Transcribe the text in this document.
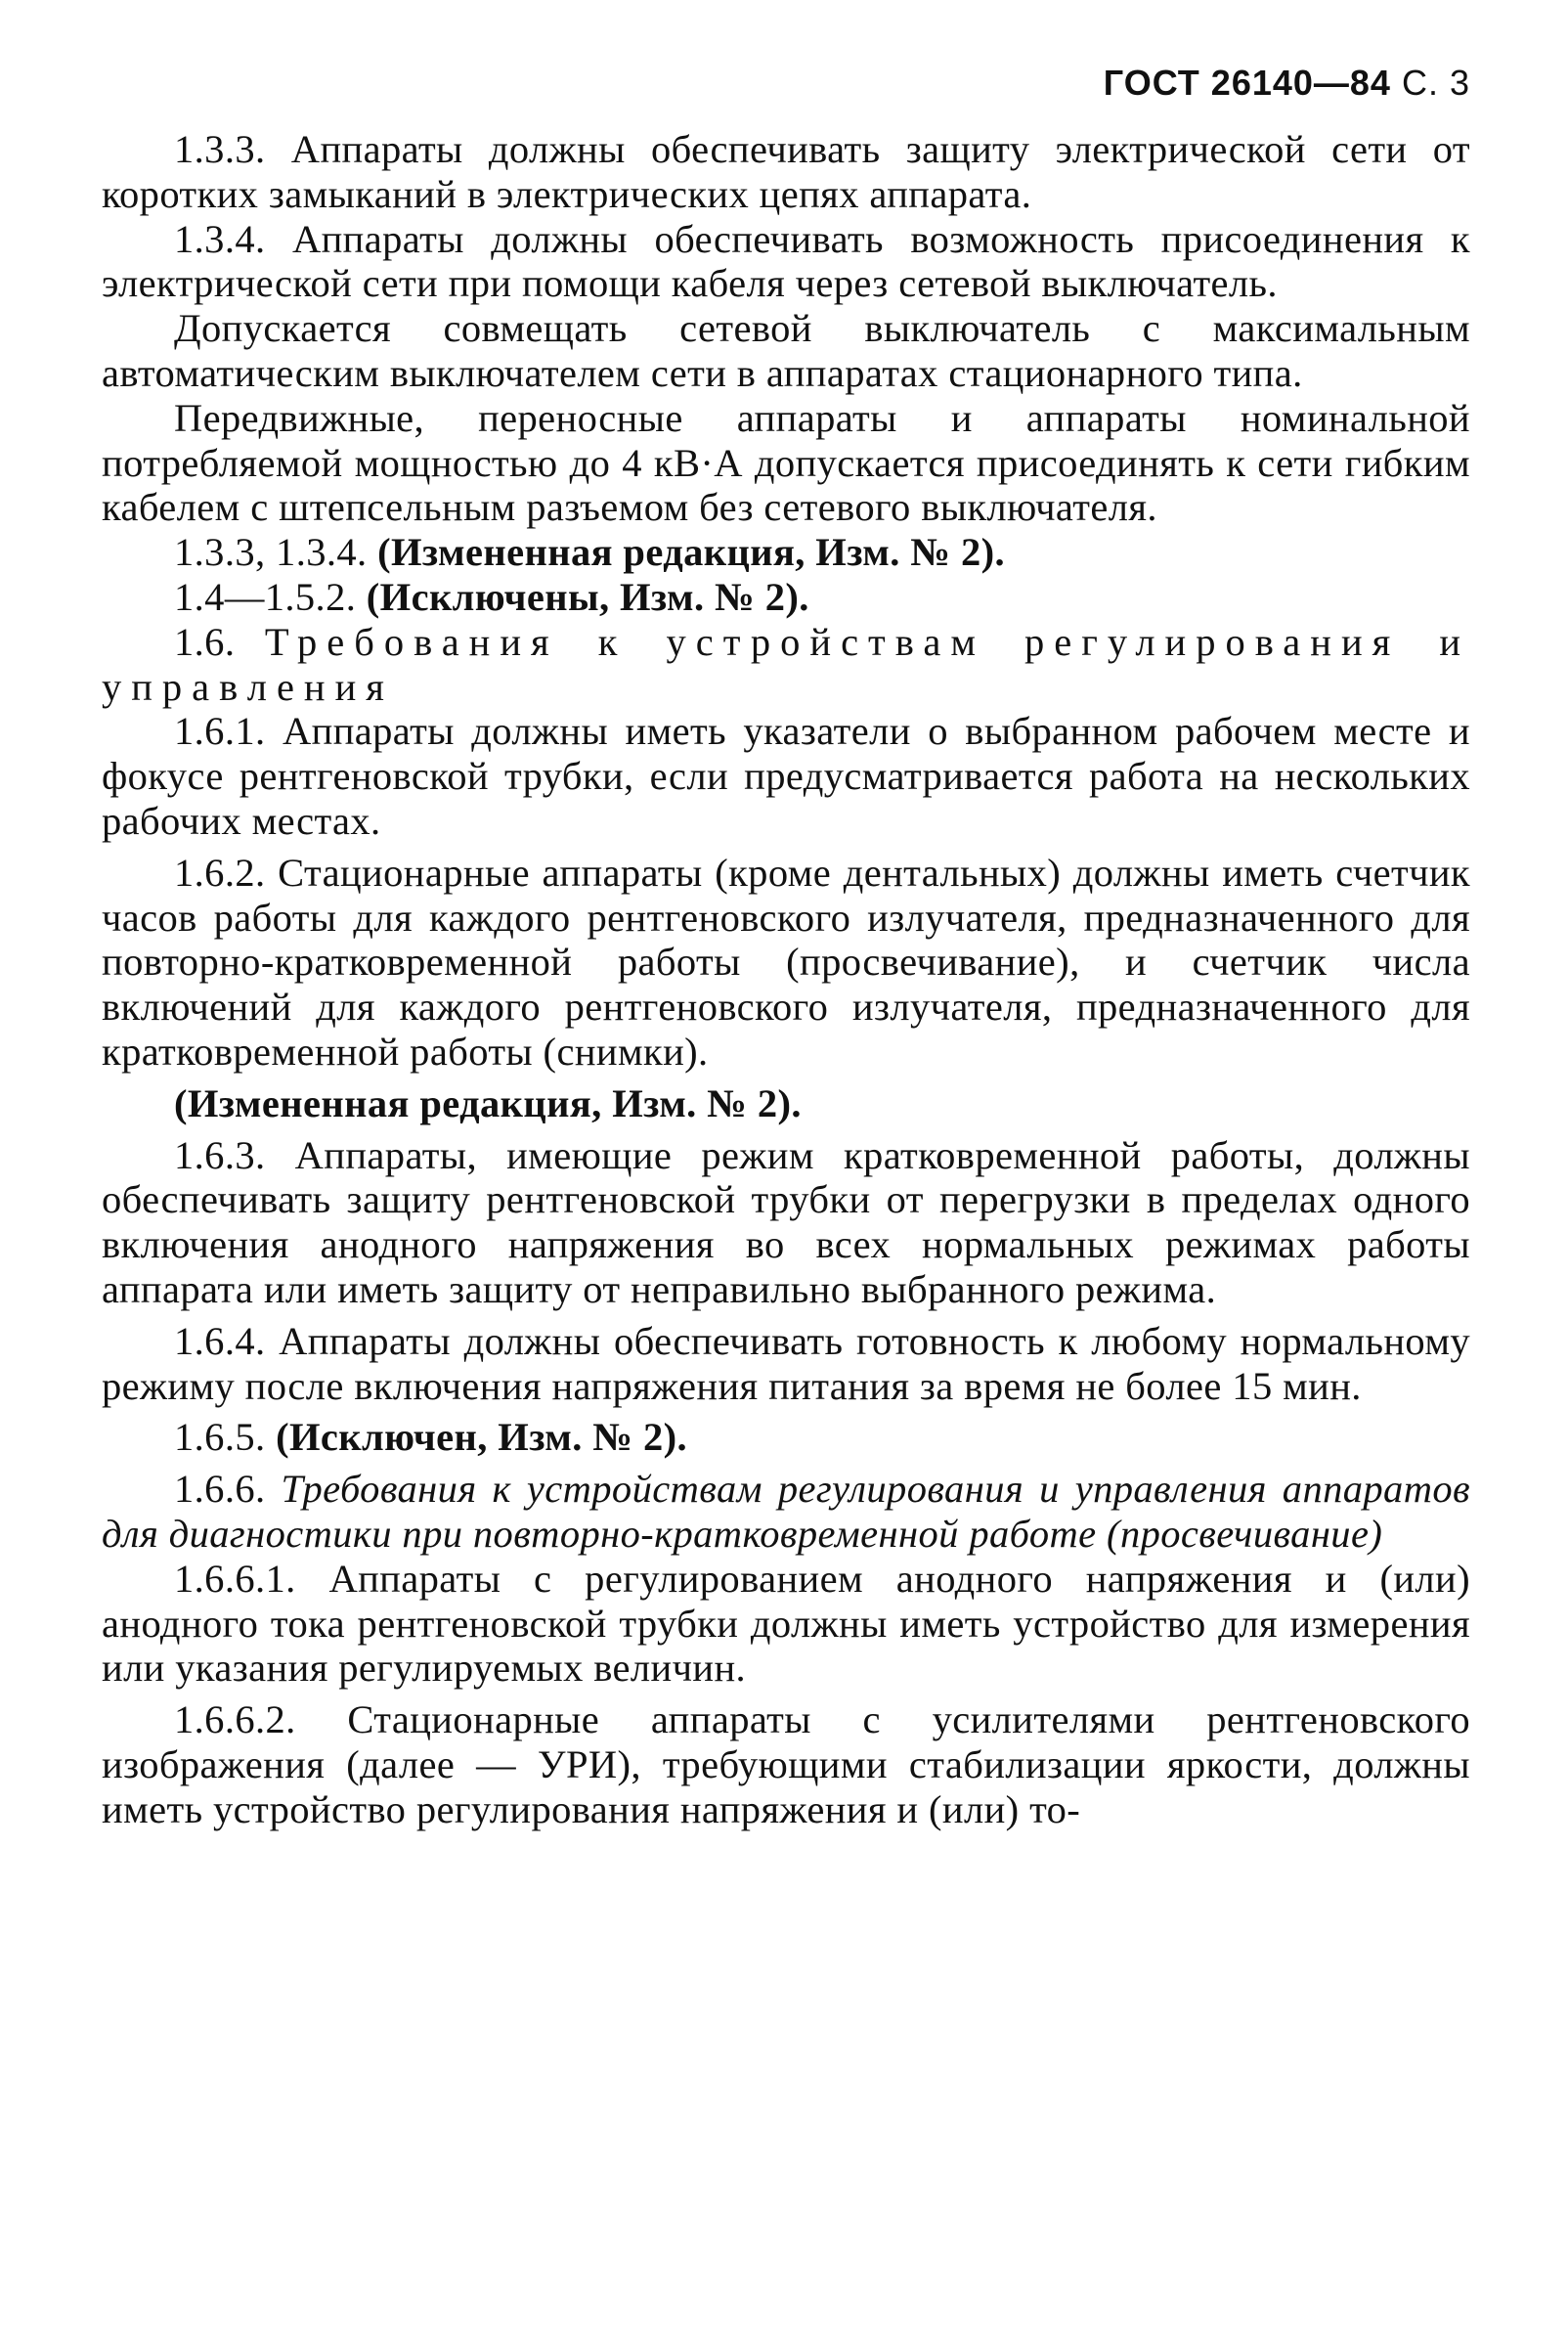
ГОСТ 26140—84 С. 3

1.3.3. Аппараты должны обеспечивать защиту электрической сети от коротких замыканий в электрических цепях аппарата.

1.3.4. Аппараты должны обеспечивать возможность присоединения к электрической сети при помощи кабеля через сетевой выключатель.

Допускается совмещать сетевой выключатель с максимальным автоматическим выключателем сети в аппаратах стационарного типа.

Передвижные, переносные аппараты и аппараты номинальной потребляемой мощностью до 4 кВ·А допускается присоединять к сети гибким кабелем с штепсельным разъемом без сетевого выключателя.

1.3.3, 1.3.4. (Измененная редакция, Изм. № 2).

1.4—1.5.2. (Исключены, Изм. № 2).

1.6. Требования к устройствам регулирования и управления

1.6.1. Аппараты должны иметь указатели о выбранном рабочем месте и фокусе рентгеновской трубки, если предусматривается работа на нескольких рабочих местах.

1.6.2. Стационарные аппараты (кроме дентальных) должны иметь счетчик часов работы для каждого рентгеновского излучателя, предназначенного для повторно-кратковременной работы (просвечивание), и счетчик числа включений для каждого рентгеновского излучателя, предназначенного для кратковременной работы (снимки).

(Измененная редакция, Изм. № 2).

1.6.3. Аппараты, имеющие режим кратковременной работы, должны обеспечивать защиту рентгеновской трубки от перегрузки в пределах одного включения анодного напряжения во всех нормальных режимах работы аппарата или иметь защиту от неправильно выбранного режима.

1.6.4. Аппараты должны обеспечивать готовность к любому нормальному режиму после включения напряжения питания за время не более 15 мин.

1.6.5. (Исключен, Изм. № 2).

1.6.6. Требования к устройствам регулирования и управления аппаратов для диагностики при повторно-кратковременной работе (просвечивание)

1.6.6.1. Аппараты с регулированием анодного напряжения и (или) анодного тока рентгеновской трубки должны иметь устройство для измерения или указания регулируемых величин.

1.6.6.2. Стационарные аппараты с усилителями рентгеновского изображения (далее — УРИ), требующими стабилизации яркости, должны иметь устройство регулирования напряжения и (или) то-
